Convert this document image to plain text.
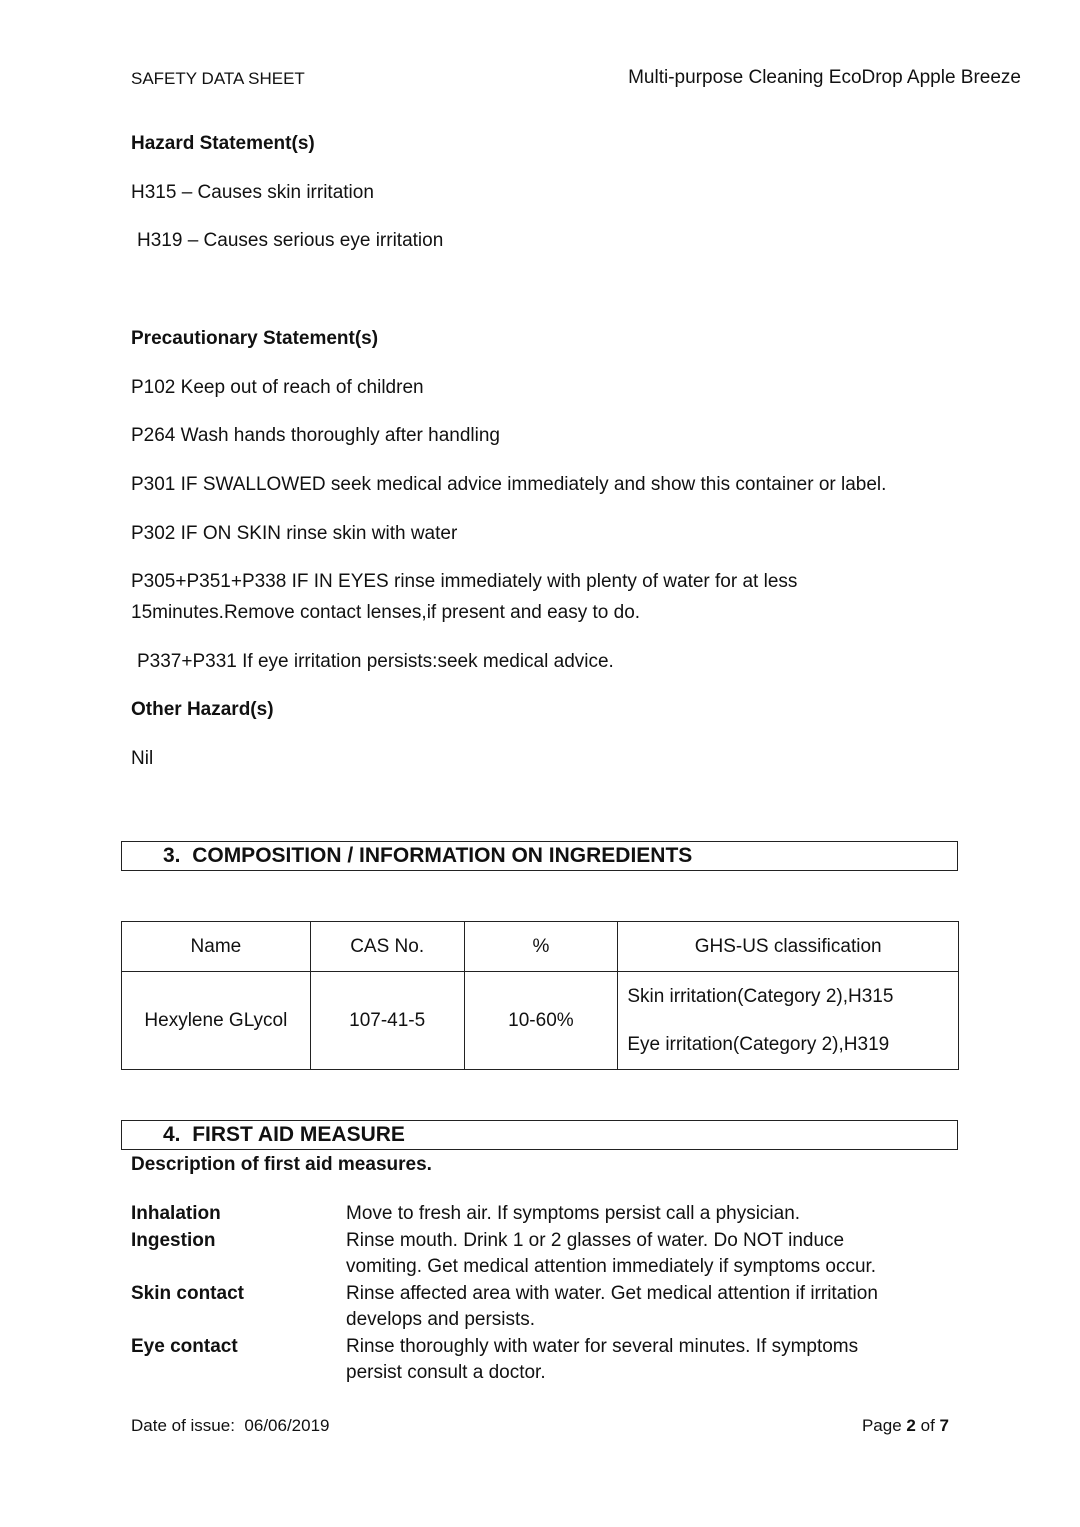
SAFETY DATA SHEET	Multi-purpose Cleaning EcoDrop Apple Breeze
Hazard Statement(s)
H315 – Causes skin irritation
H319 – Causes serious eye irritation
Precautionary Statement(s)
P102 Keep out of reach of children
P264 Wash hands thoroughly after handling
P301 IF SWALLOWED seek medical advice immediately and show this container or label.
P302 IF ON SKIN rinse skin with water
P305+P351+P338 IF IN EYES rinse immediately with plenty of water for at less
15minutes.Remove contact lenses,if present and easy to do.
P337+P331 If eye irritation persists:seek medical advice.
Other Hazard(s)
Nil
3. COMPOSITION / INFORMATION ON INGREDIENTS
Name	CAS No.	%	GHS-US classification
Hexylene GLycol	107-41-5	10-60%	Skin irritation(Category 2),H315
Eye irritation(Category 2),H319
4. FIRST AID MEASURE
Description of first aid measures.
Inhalation	Move to fresh air. If symptoms persist call a physician.
Ingestion	Rinse mouth. Drink 1 or 2 glasses of water. Do NOT induce
vomiting. Get medical attention immediately if symptoms occur.
Skin contact	Rinse affected area with water. Get medical attention if irritation
develops and persists.
Eye contact	Rinse thoroughly with water for several minutes. If symptoms
persist consult a doctor.
Date of issue: 06/06/2019	Page 2 of 7
